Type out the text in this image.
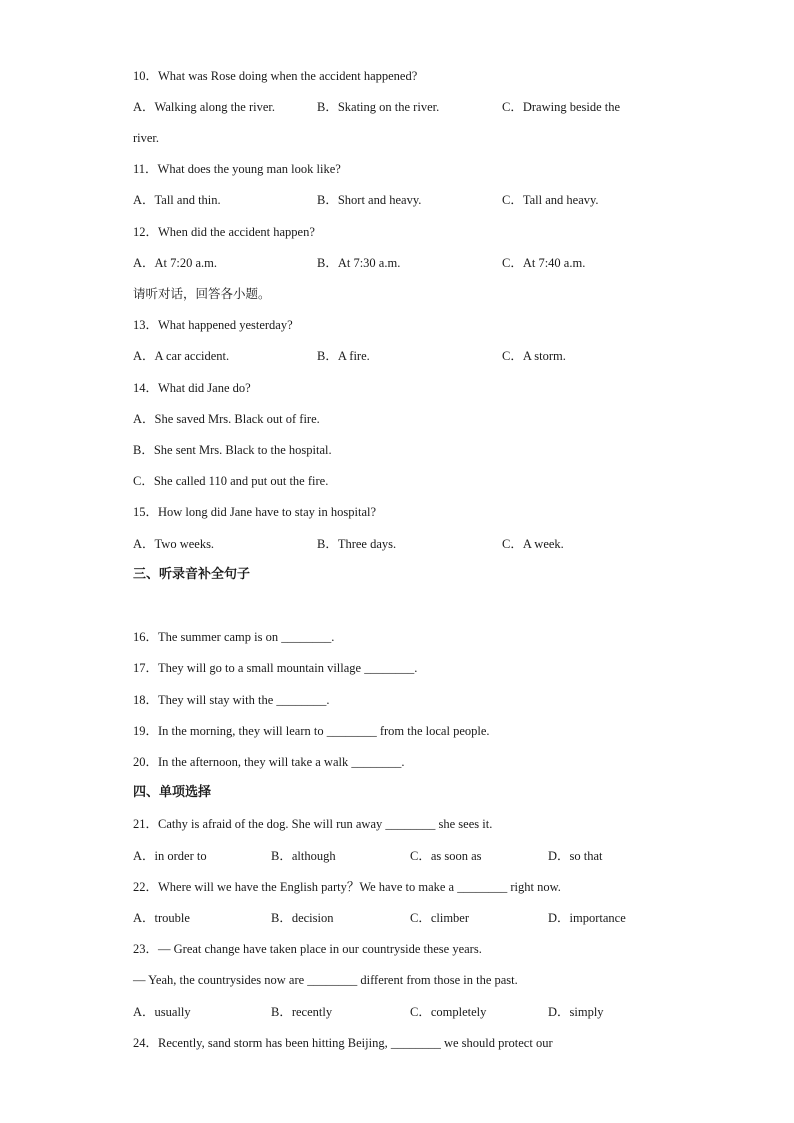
10．What was Rose doing when the accident happened?
A．Walking along the river.	B．Skating on the river.	C．Drawing beside the
river.
11．What does the young man look like?
A．Tall and thin.	B．Short and heavy.	C．Tall and heavy.
12．When did the accident happen?
A．At 7:20 a.m.	B．At 7:30 a.m.	C．At 7:40 a.m.
请听对话，回答各小题。
13．What happened yesterday?
A．A car accident.	B．A fire.	C．A storm.
14．What did Jane do?
A．She saved Mrs. Black out of fire.
B．She sent Mrs. Black to the hospital.
C．She called 110 and put out the fire.
15．How long did Jane have to stay in hospital?
A．Two weeks.	B．Three days.	C．A week.
三、听录音补全句子
16．The summer camp is on ________.
17．They will go to a small mountain village ________.
18．They will stay with the ________.
19．In the morning, they will learn to ________ from the local people.
20．In the afternoon, they will take a walk ________.
四、单项选择
21．Cathy is afraid of the dog. She will run away ________ she sees it.
A．in order to	B．although	C．as soon as	D．so that
22．Where will we have the English party？We have to make a ________ right now.
A．trouble	B．decision	C．climber	D．importance
23．— Great change have taken place in our countryside these years.
— Yeah, the countrysides now are ________ different from those in the past.
A．usually	B．recently	C．completely	D．simply
24．Recently, sand storm has been hitting Beijing, ________ we should protect our
